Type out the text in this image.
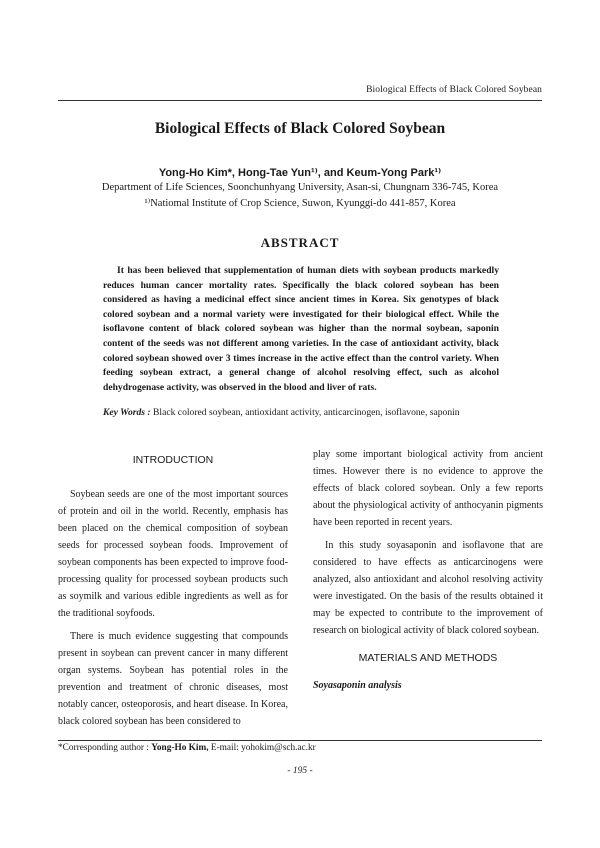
Biological Effects of Black Colored Soybean
Biological Effects of Black Colored Soybean
Yong-Ho Kim*, Hong-Tae Yun¹⁾, and Keum-Yong Park¹⁾
Department of Life Sciences, Soonchunhyang University, Asan-si, Chungnam 336-745, Korea
¹⁾Natiomal Institute of Crop Science, Suwon, Kyunggi-do 441-857, Korea
ABSTRACT

It has been believed that supplementation of human diets with soybean products markedly reduces human cancer mortality rates. Specifically the black colored soybean has been considered as having a medicinal effect since ancient times in Korea. Six genotypes of black colored soybean and a normal variety were investigated for their biological effect. While the isoflavone content of black colored soybean was higher than the normal soybean, saponin content of the seeds was not different among varieties. In the case of antioxidant activity, black colored soybean showed over 3 times increase in the active effect than the control variety. When feeding soybean extract, a general change of alcohol resolving effect, such as alcohol dehydrogenase activity, was observed in the blood and liver of rats.

Key Words : Black colored soybean, antioxidant activity, anticarcinogen, isoflavone, saponin
INTRODUCTION

Soybean seeds are one of the most important sources of protein and oil in the world. Recently, emphasis has been placed on the chemical composition of soybean seeds for processed soybean foods. Improvement of soybean components has been expected to improve food-processing quality for processed soybean products such as soymilk and various edible ingredients as well as for the traditional soyfoods.

There is much evidence suggesting that compounds present in soybean can prevent cancer in many different organ systems. Soybean has potential roles in the prevention and treatment of chronic diseases, most notably cancer, osteoporosis, and heart disease. In Korea, black colored soybean has been considered to

play some important biological activity from ancient times. However there is no evidence to approve the effects of black colored soybean. Only a few reports about the physiological activity of anthocyanin pigments have been reported in recent years.

In this study soyasaponin and isoflavone that are considered to have effects as anticarcinogens were analyzed, also antioxidant and alcohol resolving activity were investigated. On the basis of the results obtained it may be expected to contribute to the improvement of research on biological activity of black colored soybean.

MATERIALS AND METHODS

Soyasaponin analysis

*Corresponding author : Yong-Ho Kim, E-mail: yohokim@sch.ac.kr
- 195 -
